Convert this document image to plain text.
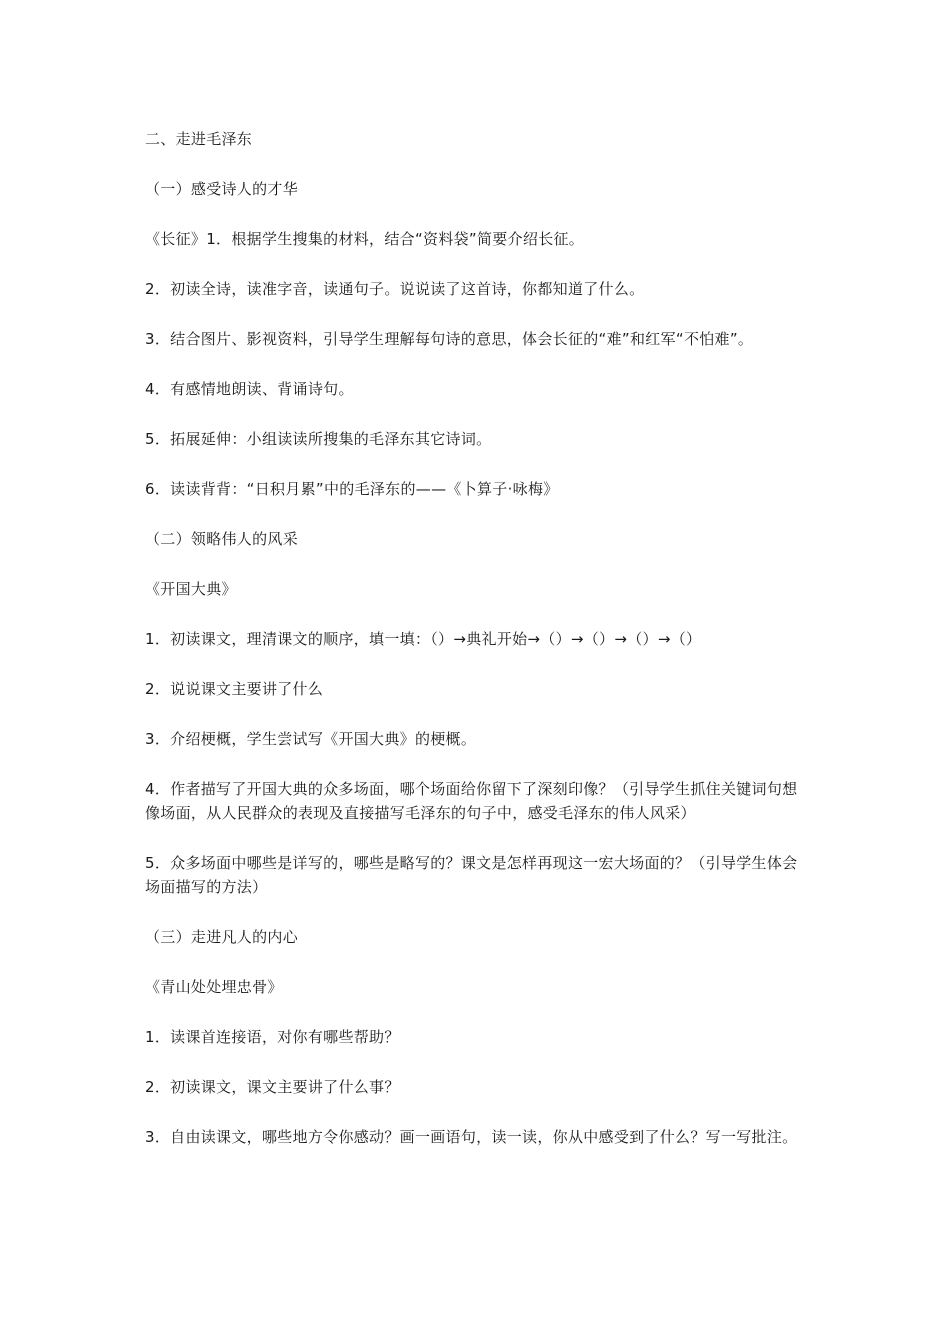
二、走进毛泽东

（一）感受诗人的才华

《长征》1．根据学生搜集的材料，结合“资料袋”简要介绍长征。

2．初读全诗，读准字音，读通句子。说说读了这首诗，你都知道了什么。

3．结合图片、影视资料，引导学生理解每句诗的意思，体会长征的“难”和红军“不怕难”。

4．有感情地朗读、背诵诗句。

5．拓展延伸：小组读读所搜集的毛泽东其它诗词。

6．读读背背：“日积月累”中的毛泽东的——《卜算子·咏梅》

（二）领略伟人的风采

《开国大典》

1．初读课文，理清课文的顺序，填一填：（）→典礼开始→（）→（）→（）→（）

2．说说课文主要讲了什么

3．介绍梗概，学生尝试写《开国大典》的梗概。

4．作者描写了开国大典的众多场面，哪个场面给你留下了深刻印像？（引导学生抓住关键词句想像场面，从人民群众的表现及直接描写毛泽东的句子中，感受毛泽东的伟人风采）

5．众多场面中哪些是详写的，哪些是略写的？课文是怎样再现这一宏大场面的？（引导学生体会场面描写的方法）

（三）走进凡人的内心

《青山处处埋忠骨》

1．读课首连接语，对你有哪些帮助？

2．初读课文，课文主要讲了什么事？

3．自由读课文，哪些地方令你感动？画一画语句，读一读，你从中感受到了什么？写一写批注。
